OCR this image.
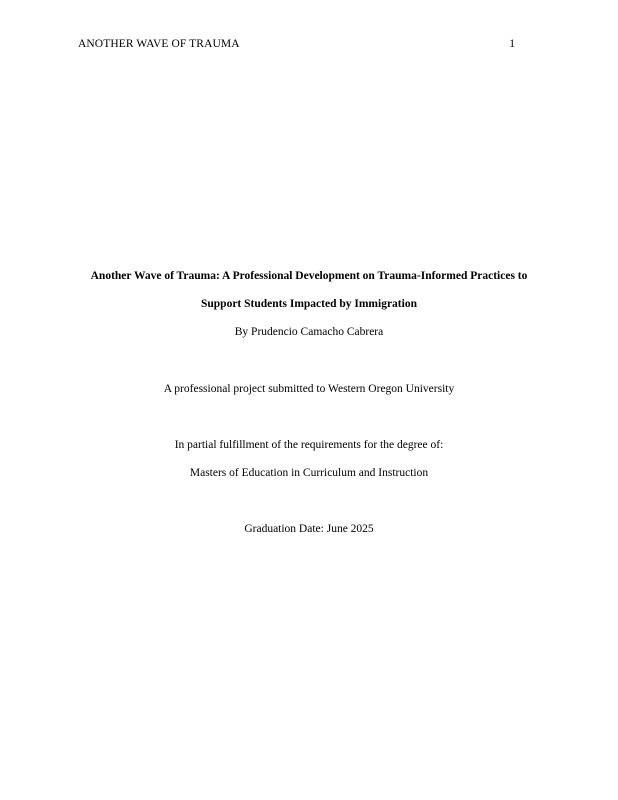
ANOTHER WAVE OF TRAUMA	1
Another Wave of Trauma: A Professional Development on Trauma-Informed Practices to
Support Students Impacted by Immigration
By Prudencio Camacho Cabrera
A professional project submitted to Western Oregon University
In partial fulfillment of the requirements for the degree of:
Masters of Education in Curriculum and Instruction
Graduation Date: June 2025
